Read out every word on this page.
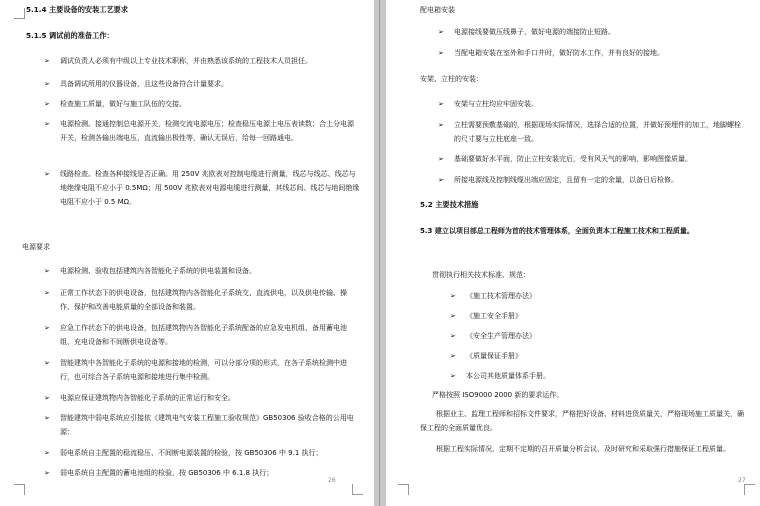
5.1.4 主要设备的安装工艺要求
5.1.5 调试前的准备工作：
➢ 调试负责人必须有中级以上专业技术职称，并由熟悉该系统的工程技术人员担任。
➢ 具备调试所用的仪器设备，且这些设备符合计量要求。
➢ 检查施工质量，做好与施工队伍的交接。
➢ 电源检测。接通控制总电源开关，检测交流电源电压；检查稳压电源上电压表读数；合上分电源开关，检测各输出端电压，直流输出极性等，确认无误后，给每一回路通电。
➢ 线路检查。检查各种接线是否正确。用 250V 兆欧表对控制电缆进行测量，线芯与线芯、线芯与地绝缘电阻不应小于 0.5MΩ；用 500V 兆欧表对电源电缆进行测量，其线芯间、线芯与地间绝缘电阻不应小于 0.5 MΩ。
电源要求
➢ 电源检测、验收包括建筑内各智能化子系统的供电装置和设备。
➢ 正常工作状态下的供电设备，包括建筑物内各智能化子系统交、直流供电，以及供电传输、操作、保护和改善电能质量的全部设备和装置。
➢ 应急工作状态下的供电设备，包括建筑物内各智能化子系统配备的应急发电机组、备用蓄电池组、充电设备和不间断供电设备等。
➢ 智能建筑中各智能化子系统的电源和接地的检测，可以分部分项的形式，在各子系统检测中进行，也可综合各子系统电源和接地进行集中检测。
➢ 电源应保证建筑物内各智能化子系统的正常运行和安全。
➢ 智能建筑中弱电系统应引接依《建筑电气安装工程施工验收规范》GB50306 验收合格的公用电源：
➢ 弱电系统自主配置的稳流稳压、不间断电源装置的检验，按 GB50306 中 9.1 执行；
➢ 弱电系统自主配置的蓄电池组的检验，按 GB50306 中 6.1.8 执行；
26
配电箱安装
➢ 电源接线要做压线鼻子，做好电源的端接防止短路。
➢ 当配电箱安装在室外和手口井时，做好防水工作，并有良好的接地。
安架、立柱的安装：
➢ 安架与立柱均应牢固安装。
➢ 立柱需要预敷基础的，根据现场实际情况，选择合适的位置，并做好预埋件的加工，地脚螺栓的尺寸要与立柱底座一致。
➢ 基础要做好水平面，防止立柱安装完后，受有风天气的影响，影响图像质量。
➢ 所接电源线及控制线缆出端应固定，且留有一定的余量，以备日后检修。
5.2 主要技术措施
5.3 建立以项目部总工程师为首的技术管理体系，全面负责本工程施工技术和工程质量。
贯彻执行相关技术标准、规范：
➢ 《施工技术管理办法》
➢ 《施工安全手册》
➢ 《安全生产管理办法》
➢ 《质量保证手册》
➢ 本公司其他质量体系手册。
严格按照 ISO9000 2000 新的要求运作。
根据业主、监理工程师和招标文件要求，严格把好设备、材料进货质量关，严格现场施工质量关，确保工程的全面质量优良。
根据工程实际情况，定期不定期的召开质量分析会议，及时研究和采取强行措施保证工程质量。
27
